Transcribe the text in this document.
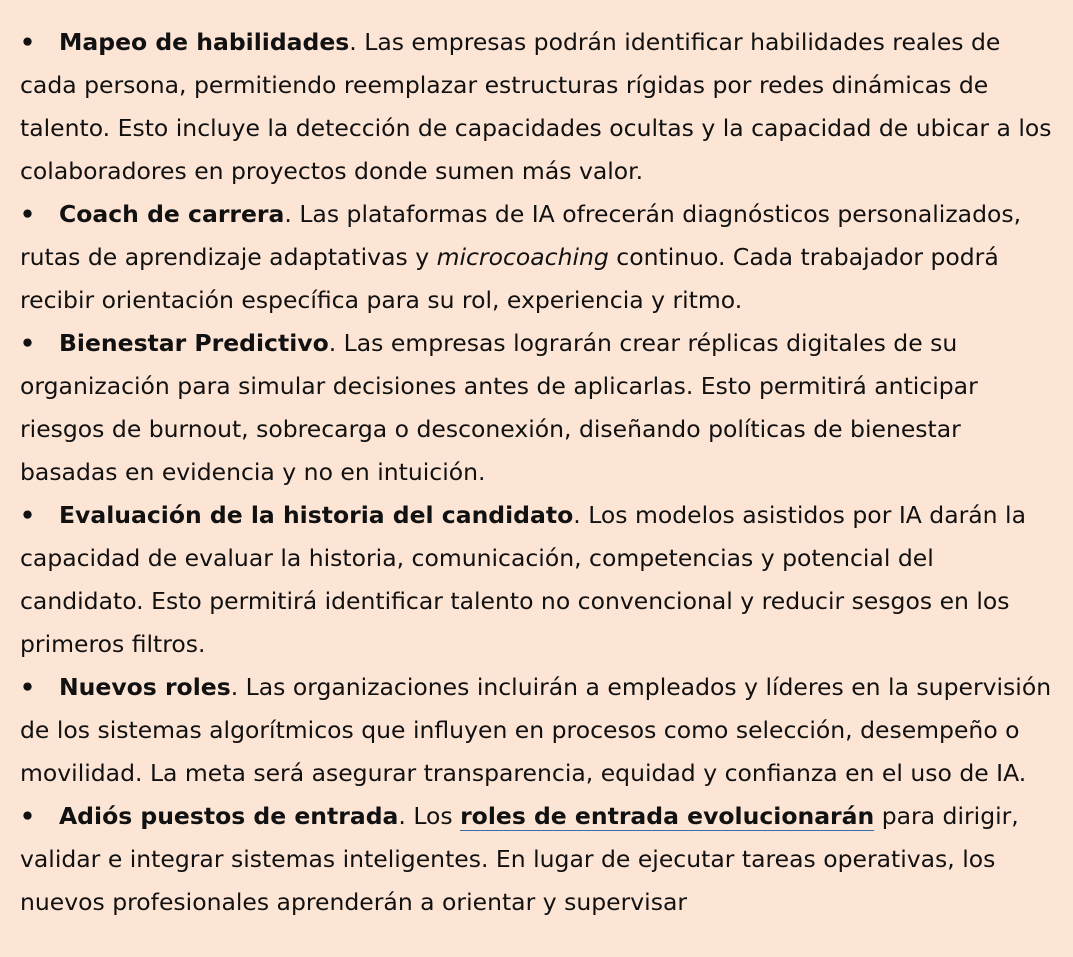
• Mapeo de habilidades. Las empresas podrán identificar habilidades reales de cada persona, permitiendo reemplazar estructuras rígidas por redes dinámicas de talento. Esto incluye la detección de capacidades ocultas y la capacidad de ubicar a los colaboradores en proyectos donde sumen más valor.
• Coach de carrera. Las plataformas de IA ofrecerán diagnósticos personalizados, rutas de aprendizaje adaptativas y microcoaching continuo. Cada trabajador podrá recibir orientación específica para su rol, experiencia y ritmo.
• Bienestar Predictivo. Las empresas lograrán crear réplicas digitales de su organización para simular decisiones antes de aplicarlas. Esto permitirá anticipar riesgos de burnout, sobrecarga o desconexión, diseñando políticas de bienestar basadas en evidencia y no en intuición.
• Evaluación de la historia del candidato. Los modelos asistidos por IA darán la capacidad de evaluar la historia, comunicación, competencias y potencial del candidato. Esto permitirá identificar talento no convencional y reducir sesgos en los primeros filtros.
• Nuevos roles. Las organizaciones incluirán a empleados y líderes en la supervisión de los sistemas algorítmicos que influyen en procesos como selección, desempeño o movilidad. La meta será asegurar transparencia, equidad y confianza en el uso de IA.
• Adiós puestos de entrada. Los roles de entrada evolucionarán para dirigir, validar e integrar sistemas inteligentes. En lugar de ejecutar tareas operativas, los nuevos profesionales aprenderán a orientar y supervisar
